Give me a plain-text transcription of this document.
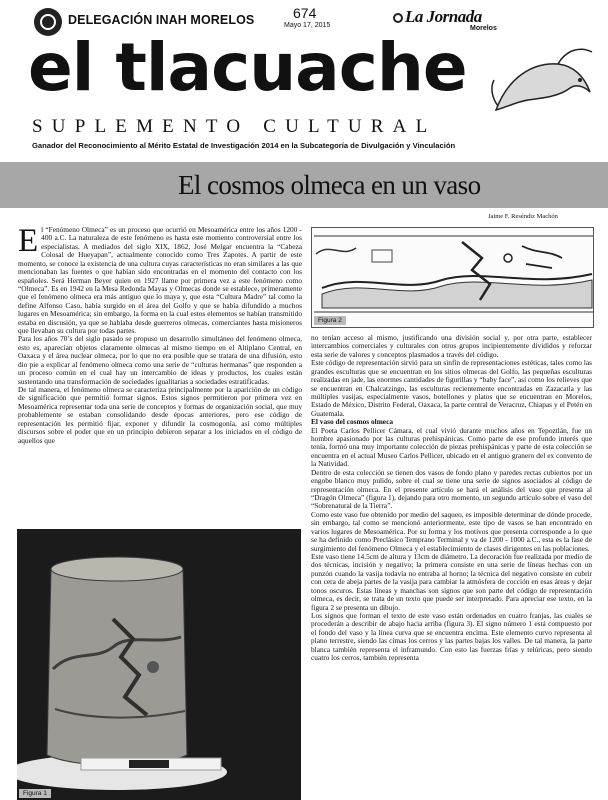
DELEGACIÓN INAH MORELOS	674
Mayo 17, 2015	La Jornada
Morelos
el tlacuache
SUPLEMENTO CULTURAL
Ganador del Reconocimiento al Mérito Estatal de Investigación 2014 en la Subcategoría de Divulgación y Vinculación
El cosmos olmeca en un vaso
Jaime F. Reséndiz Machón
E l “Fenómeno Olmeca” es un proceso que ocurrió en Mesoamérica entre los años 1200 - 400 a.C. La naturaleza de este fenómeno es hasta este momento controversial entre los especialistas. A mediados del siglo XIX, 1862, José Melgar encuentra la “Cabeza Colosal de Hueyapan”, actualmente conocido como Tres Zapotes. A partir de este momento, se conoce la existencia de una cultura cuyas características no eran similares a las que mencionaban las fuentes o que habían sido encontradas en el momento del contacto con los españoles. Será Herman Beyer quien en 1927 llame por primera vez a este fenómeno como “Olmeca”. Es en 1942 en la Mesa Redonda Mayas y Olmecas donde se establece, primeramente que el fenómeno olmeca era más antiguo que lo maya y, que esta “Cultura Madre” tal como la define Alfonso Caso, había surgido en el área del Golfo y que se había difundido a muchos lugares en Mesoamérica; sin embargo, la forma en la cual estos elementos se habían transmitido estaba en discusión, ya que se hablaba desde guerreros olmecas, comerciantes hasta misioneros que llevaban su cultura por todas partes.

Para los años 70’s del siglo pasado se propuso un desarrollo simultáneo del fenómeno olmeca, esto es, aparecían objetos claramente olmecas al mismo tiempo en el Altiplano Central, en Oaxaca y el área nuclear olmeca, por lo que no era posible que se tratara de una difusión, esto dio pie a explicar al fenómeno olmeca como una serie de “culturas hermanas” que responden a un proceso común en el cual hay un intercambio de ideas y productos, los cuales están sustentando una transformación de sociedades igualitarias a sociedades estratificadas.

De tal manera, el fenómeno olmeca se caracteriza principalmente por la aparición de un código de significación que permitió formar signos. Estos signos permitieron por primera vez en Mesoamérica representar toda una serie de conceptos y formas de organización social, que muy probablemente se estaban consolidando desde épocas anteriores, pero ese código de representación les permitió fijar, exponer y difundir la cosmogonía, así como múltiples discursos sobre el poder que en un principio debieron separar a los iniciados en el código de aquellos que

Figura 1
Figura 2

no tenían acceso al mismo, justificando una división social y, por otra parte, establecer intercambios comerciales y culturales con otros grupos incipientemente divididos y reforzar esta serie de valores y conceptos plasmados a través del código.

Este código de representación sirvió para un sinfín de representaciones estéticas, tales como las grandes esculturas que se encuentran en los sitios olmecas del Golfo, las pequeñas esculturas realizadas en jade, las enormes cantidades de figurillas y “baby face”, así como los relieves que se encuentran en Chalcatzingo, las esculturas recientemente encontradas en Zazacatla y las múltiples vasijas, especialmente vasos, botellones y platos que se encuentran en Morelos, Estado de México, Distrito Federal, Oaxaca, la parte central de Veracruz, Chiapas y el Petén en Guatemala.

El vaso del cosmos olmeca

El Poeta Carlos Pellicer Cámara, el cual vivió durante muchos años en Tepoztlán, fue un hombre apasionado por las culturas prehispánicas. Como parte de ese profundo interés que tenía, formó una muy importante colección de piezas prehispánicas y parte de esta colección se encuentra en el actual Museo Carlos Pellicer, ubicado en el antiguo granero del ex convento de la Natividad.

Dentro de esta colección se tienen dos vasos de fondo plano y paredes rectas cubiertos por un engobe blanco muy pulido, sobre el cual se tiene una serie de signos asociados al código de representación olmeca. En el presente artículo se hará el análisis del vaso que presenta al “Dragón Olmeca” (figura 1), dejando para otro momento, un segundo artículo sobre el vaso del “Sobrenatural de la Tierra”.

Como este vaso fue obtenido por medio del saqueo, es imposible determinar de dónde procede, sin embargo, tal como se mencionó anteriormente, este tipo de vasos se han encontrado en varios lugares de Mesoamérica. Por su forma y los motivos que presenta corresponde a lo que se ha definido como Preclásico Temprano Terminal y va de 1200 - 1000 a.C., esta es la fase de surgimiento del fenómeno Olmeca y el establecimiento de clases dirigentes en las poblaciones.

Este vaso tiene 14.5cm de altura y 13cm de diámetro. La decoración fue realizada por medio de dos técnicas, incisión y negativo; la primera consiste en una serie de líneas hechas con un punzón cuando la vasija todavía no entraba al horno; la técnica del negativo consiste en cubrir con cera de abeja partes de la vasija para cambiar la atmósfera de cocción en esas áreas y dejar tonos oscuros. Estas líneas y manchas son signos que son parte del código de representación olmeca, es decir, se trata de un texto que puede ser interpretado. Para apreciar ese texto, en la figura 2 se presenta un dibujo.

Los signos que forman el texto de este vaso están ordenados en cuatro franjas, las cuales se procederán a describir de abajo hacia arriba (figura 3). El signo número 1 está compuesto por el fondo del vaso y la línea curva que se encuentra encima. Este elemento curvo representa al plano terrestre, siendo las cimas los cerros y las partes bajas los valles. De tal manera, la parte blanca también representa el inframundo. Con esto las fuerzas frías y telúricas, pero siendo cuatro los cerros, también representa
